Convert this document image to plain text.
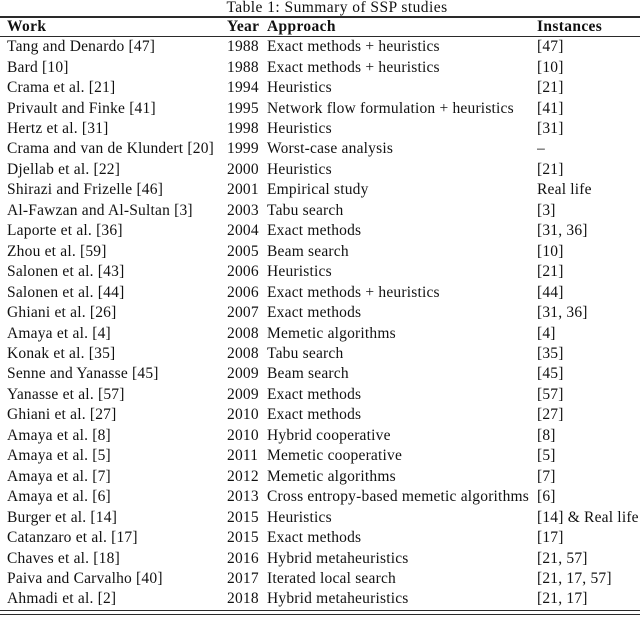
Table 1: Summary of SSP studies
Work	Year Approach	Instances
Tang and Denardo [47]	1988 Exact methods + heuristics	[47]
Bard [10]	1988 Exact methods + heuristics	[10]
Crama et al. [21]	1994 Heuristics	[21]
Privault and Finke [41]	1995 Network flow formulation + heuristics	[41]
Hertz et al. [31]	1998 Heuristics	[31]
Crama and van de Klundert [20] 1999 Worst-case analysis	–
Djellab et al. [22]	2000 Heuristics	[21]
Shirazi and Frizelle [46]	2001 Empirical study	Real life
Al-Fawzan and Al-Sultan [3]	2003 Tabu search	[3]
Laporte et al. [36]	2004 Exact methods	[31, 36]
Zhou et al. [59]	2005 Beam search	[10]
Salonen et al. [43]	2006 Heuristics	[21]
Salonen et al. [44]	2006 Exact methods + heuristics	[44]
Ghiani et al. [26]	2007 Exact methods	[31, 36]
Amaya et al. [4]	2008 Memetic algorithms	[4]
Konak et al. [35]	2008 Tabu search	[35]
Senne and Yanasse [45]	2009 Beam search	[45]
Yanasse et al. [57]	2009 Exact methods	[57]
Ghiani et al. [27]	2010 Exact methods	[27]
Amaya et al. [8]	2010 Hybrid cooperative	[8]
Amaya et al. [5]	2011 Memetic cooperative	[5]
Amaya et al. [7]	2012 Memetic algorithms	[7]
Amaya et al. [6]	2013 Cross entropy-based memetic algorithms [6]
Burger et al. [14]	2015 Heuristics	[14] & Real life
Catanzaro et al. [17]	2015 Exact methods	[17]
Chaves et al. [18]	2016 Hybrid metaheuristics	[21, 57]
Paiva and Carvalho [40]	2017 Iterated local search	[21, 17, 57]
Ahmadi et al. [2]	2018 Hybrid metaheuristics	[21, 17]
